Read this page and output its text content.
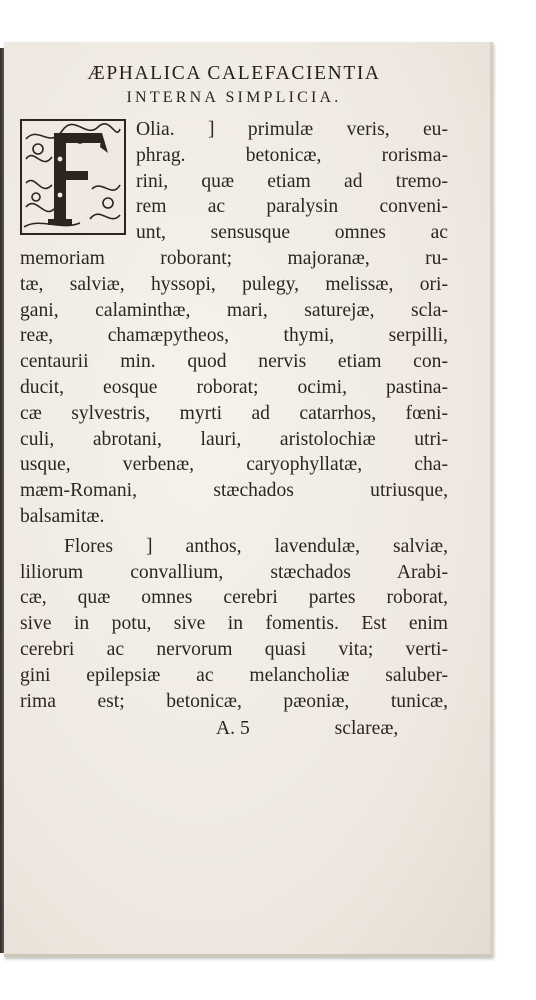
ÆPHALICA CALEFACIENTIA
INTERNA SIMPLICIA.
Olia. ] primulæ veris, eu-
phrag. betonicæ, rorisma-
rini, quæ etiam ad tremo-
rem ac paralysin conveni-
unt, sensusque omnes ac
memoriam roborant; majoranæ, ru-
tæ, salviæ, hyssopi, pulegy, melissæ, ori-
gani, calaminthæ, mari, saturejæ, scla-
reæ, chamæpytheos, thymi, serpilli,
centaurii min. quod nervis etiam con-
ducit, eosque roborat; ocimi, pastina-
cæ sylvestris, myrti ad catarrhos, fœni-
culi, abrotani, lauri, aristolochiæ utri-
usque, verbenæ, caryophyllatæ, cha-
mæm-Romani, stæchados utriusque,
balsamitæ.
Flores ] anthos, lavendulæ, salviæ,
liliorum convallium, stæchados Arabi-
cæ, quæ omnes cerebri partes roborat,
sive in potu, sive in fomentis. Est enim
cerebri ac nervorum quasi vita; verti-
gini epilepsiæ ac melancholiæ saluber-
rima est; betonicæ, pæoniæ, tunicæ,
A. 5	sclareæ,
